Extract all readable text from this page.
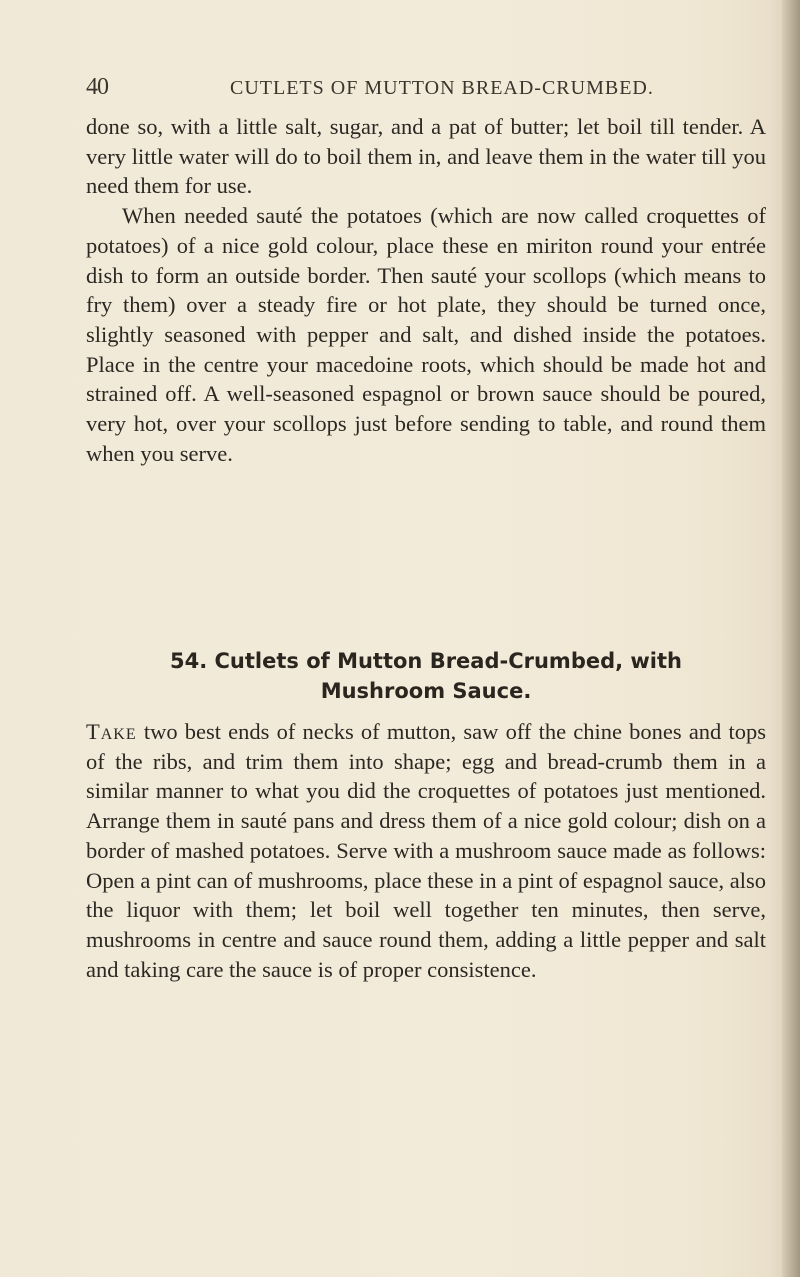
40	CUTLETS OF MUTTON BREAD-CRUMBED.

done so, with a little salt, sugar, and a pat of butter; let boil till tender. A very little water will do to boil them in, and leave them in the water till you need them for use.

When needed sauté the potatoes (which are now called croquettes of potatoes) of a nice gold colour, place these en miriton round your entrée dish to form an outside border. Then sauté your scollops (which means to fry them) over a steady fire or hot plate, they should be turned once, slightly seasoned with pepper and salt, and dished inside the potatoes. Place in the centre your macedoine roots, which should be made hot and strained off. A well-seasoned espagnol or brown sauce should be poured, very hot, over your scollops just before sending to table, and round them when you serve.

54. Cutlets of Mutton Bread-Crumbed, with
Mushroom Sauce.

Take two best ends of necks of mutton, saw off the chine bones and tops of the ribs, and trim them into shape; egg and bread-crumb them in a similar manner to what you did the croquettes of potatoes just mentioned. Arrange them in sauté pans and dress them of a nice gold colour; dish on a border of mashed potatoes. Serve with a mushroom sauce made as follows: Open a pint can of mushrooms, place these in a pint of espagnol sauce, also the liquor with them; let boil well together ten minutes, then serve, mushrooms in centre and sauce round them, adding a little pepper and salt and taking care the sauce is of proper consistence.
